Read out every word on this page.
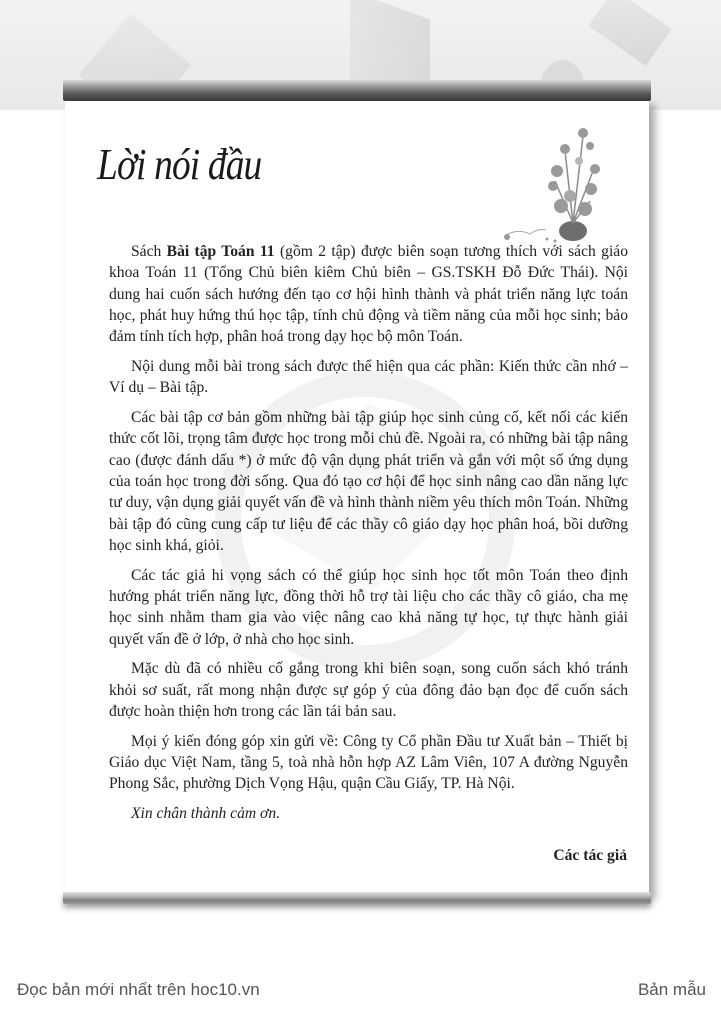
Lời nói đầu

Sách Bài tập Toán 11 (gồm 2 tập) được biên soạn tương thích với sách giáo khoa Toán 11 (Tổng Chủ biên kiêm Chủ biên – GS.TSKH Đỗ Đức Thái). Nội dung hai cuốn sách hướng đến tạo cơ hội hình thành và phát triển năng lực toán học, phát huy hứng thú học tập, tính chủ động và tiềm năng của mỗi học sinh; bảo đảm tính tích hợp, phân hoá trong dạy học bộ môn Toán.

Nội dung mỗi bài trong sách được thể hiện qua các phần: Kiến thức cần nhớ – Ví dụ – Bài tập.

Các bài tập cơ bản gồm những bài tập giúp học sinh củng cố, kết nối các kiến thức cốt lõi, trọng tâm được học trong mỗi chủ đề. Ngoài ra, có những bài tập nâng cao (được đánh dấu *) ở mức độ vận dụng phát triển và gắn với một số ứng dụng của toán học trong đời sống. Qua đó tạo cơ hội để học sinh nâng cao dần năng lực tư duy, vận dụng giải quyết vấn đề và hình thành niềm yêu thích môn Toán. Những bài tập đó cũng cung cấp tư liệu để các thầy cô giáo dạy học phân hoá, bồi dưỡng học sinh khá, giỏi.

Các tác giả hi vọng sách có thể giúp học sinh học tốt môn Toán theo định hướng phát triển năng lực, đồng thời hỗ trợ tài liệu cho các thầy cô giáo, cha mẹ học sinh nhằm tham gia vào việc nâng cao khả năng tự học, tự thực hành giải quyết vấn đề ở lớp, ở nhà cho học sinh.

Mặc dù đã có nhiều cố gắng trong khi biên soạn, song cuốn sách khó tránh khỏi sơ suất, rất mong nhận được sự góp ý của đông đảo bạn đọc để cuốn sách được hoàn thiện hơn trong các lần tái bản sau.

Mọi ý kiến đóng góp xin gửi về: Công ty Cổ phần Đầu tư Xuất bản – Thiết bị Giáo dục Việt Nam, tầng 5, toà nhà hỗn hợp AZ Lâm Viên, 107 A đường Nguyễn Phong Sắc, phường Dịch Vọng Hậu, quận Cầu Giấy, TP. Hà Nội.

Xin chân thành cảm ơn.

Các tác giả
Đọc bản mới nhất trên hoc10.vn	Bản mẫu
